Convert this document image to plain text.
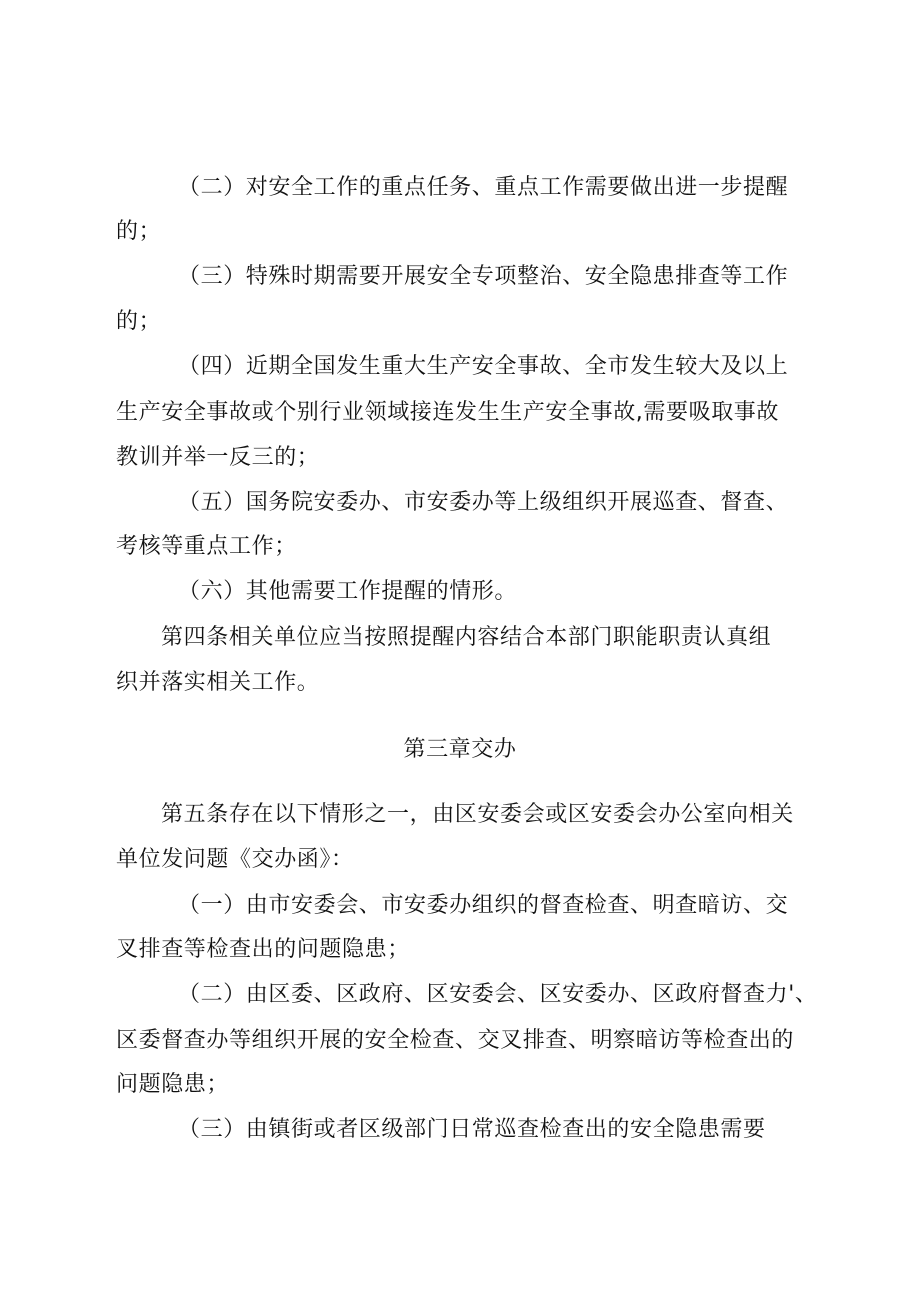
（二）对安全工作的重点任务、重点工作需要做出进一步提醒
的；
（三）特殊时期需要开展安全专项整治、安全隐患排查等工作
的；
（四）近期全国发生重大生产安全事故、全市发生较大及以上
生产安全事故或个别行业领域接连发生生产安全事故,需要吸取事故
教训并举一反三的；
（五）国务院安委办、市安委办等上级组织开展巡查、督查、
考核等重点工作；
（六）其他需要工作提醒的情形。
第四条相关单位应当按照提醒内容结合本部门职能职责认真组
织并落实相关工作。
第三章交办
第五条存在以下情形之一，由区安委会或区安委会办公室向相关
单位发问题《交办函》：
（一）由市安委会、市安委办组织的督查检查、明查暗访、交
叉排查等检查出的问题隐患；
（二）由区委、区政府、区安委会、区安委办、区政府督查力'、
区委督查办等组织开展的安全检查、交叉排查、明察暗访等检查出的
问题隐患；
（三）由镇街或者区级部门日常巡查检查出的安全隐患需要
